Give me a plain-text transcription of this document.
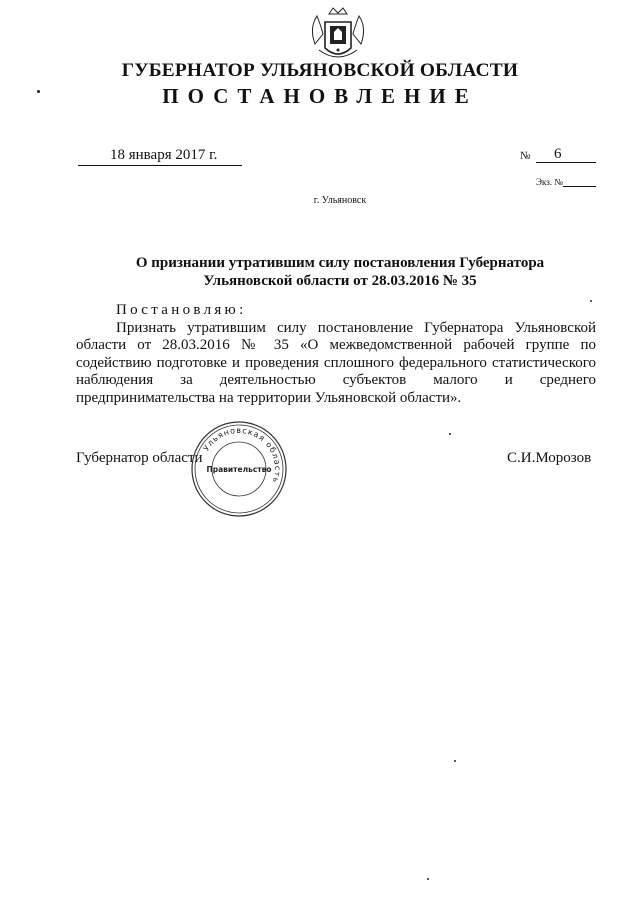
ГУБЕРНАТОР УЛЬЯНОВСКОЙ ОБЛАСТИ
ПОСТАНОВЛЕНИЕ
18 января 2017 г.	№ 6
Экз. №
г. Ульяновск
О признании утратившим силу постановления Губернатора Ульяновской области от 28.03.2016 № 35
Постановляю:
Признать утратившим силу постановление Губернатора Ульяновской области от 28.03.2016 № 35 «О межведомственной рабочей группе по содействию подготовке и проведения сплошного федерального статистического наблюдения за деятельностью субъектов малого и среднего предпринимательства на территории Ульяновской области».
Губернатор области	С.И.Морозов
Ульяновская область
Правительство
